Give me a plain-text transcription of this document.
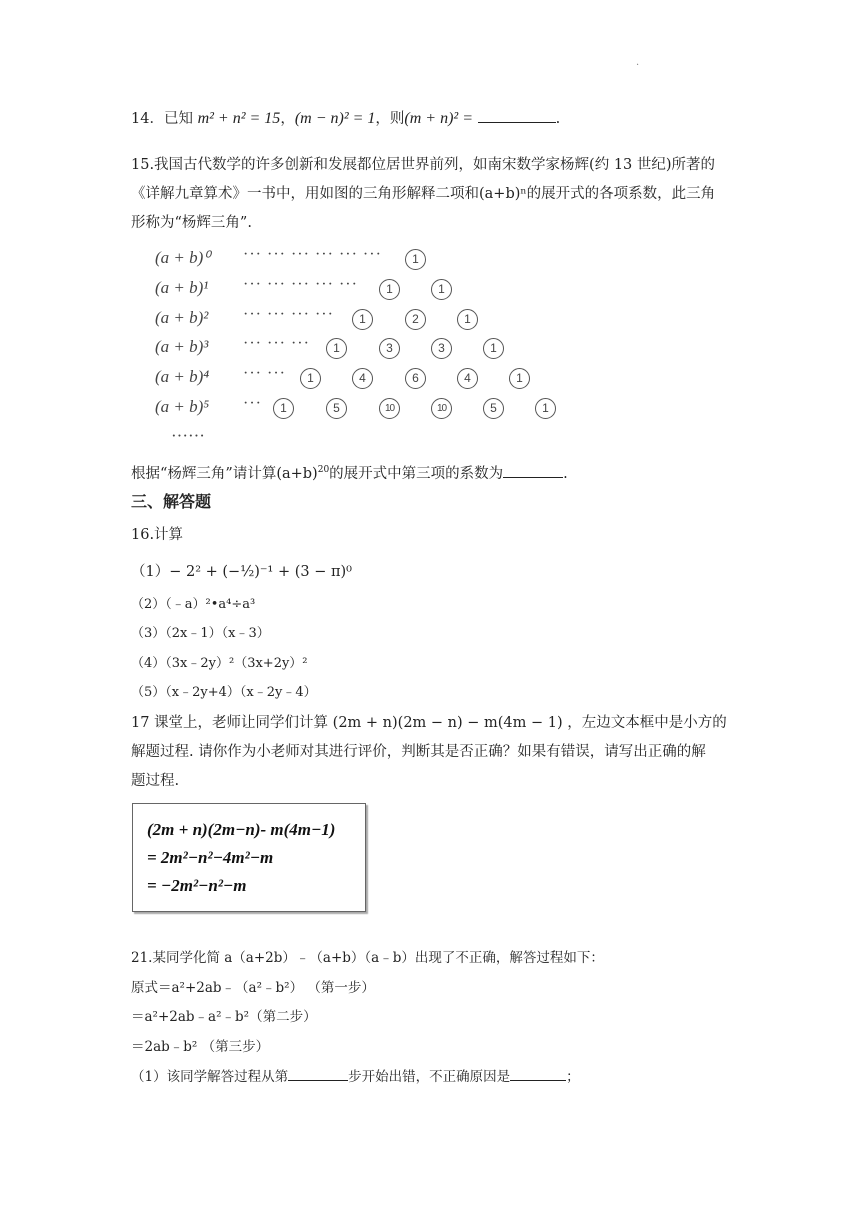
·
14．已知 m² + n² = 15，(m − n)² = 1，则(m + n)² =	.
15.我国古代数学的许多创新和发展都位居世界前列，如南宋数学家杨辉(约 13 世纪)所著的
《详解九章算术》一书中，用如图的三角形解释二项和(a+b)ⁿ的展开式的各项系数，此三角
形称为“杨辉三角”.
(a + b)⁰ ··· ··· ··· ··· ··· ···	1
(a + b)¹ ··· ··· ··· ··· ···	1	1
(a + b)² ··· ··· ··· ···	1	2	1
(a + b)³ ··· ··· ···	1	3	3	1
(a + b)⁴ ··· ···	1	4	6	4	1
(a + b)⁵ ···	1	5	10	10	5	1
······
根据“杨辉三角”请计算$(a+b)^{20}$的展开式中第三项的系数为	.
三、解答题
16.计算
（1）− 2² + (−½)⁻¹ + (3 − π)⁰
（2）（﹣a）²•a⁴÷a³
（3）（2x﹣1）（x﹣3）
（4）（3x﹣2y）²（3x+2y）²
（5）（x﹣2y+4）（x﹣2y﹣4）
17 课堂上，老师让同学们计算 (2m + n)(2m − n) − m(4m − 1) ，左边文本框中是小方的
解题过程. 请你作为小老师对其进行评价，判断其是否正确？如果有错误，请写出正确的解
题过程.
(2m + n)(2m−n)- m(4m−1)
= 2m²−n²−4m²−m
= −2m²−n²−m
21.某同学化简 a（a+2b）﹣（a+b）（a﹣b）出现了不正确，解答过程如下：
原式＝a²+2ab﹣（a²﹣b²） （第一步）
＝a²+2ab﹣a²﹣b²（第二步）
＝2ab﹣b² （第三步）
（1）该同学解答过程从第	步开始出错，不正确原因是	；
